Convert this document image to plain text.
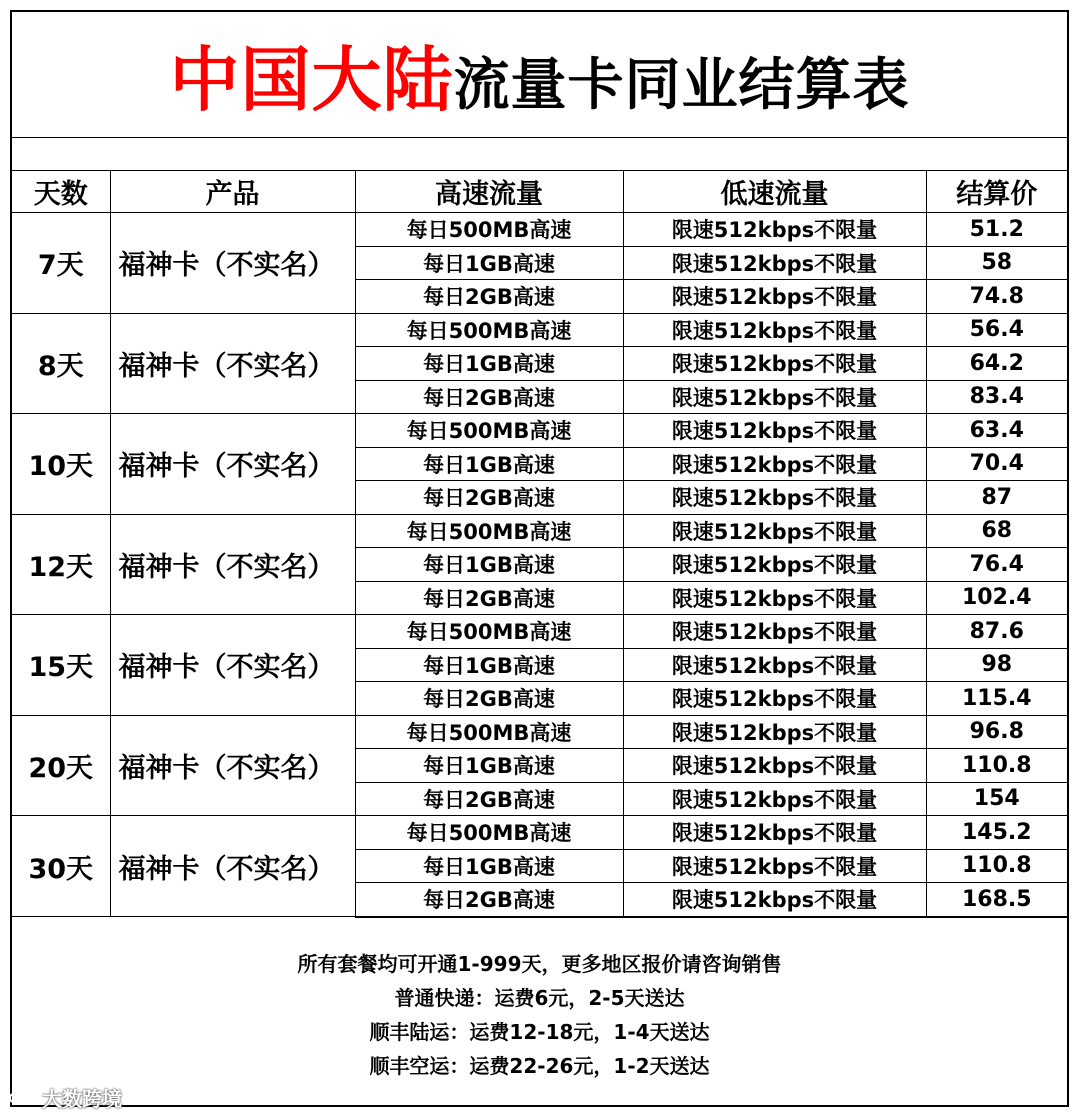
中国大陆 流量卡同业结算表
天数	产品	高速流量	低速流量	结算价
7天	福神卡（不实名）	每日500MB高速	限速512kbps不限量	51.2
		每日1GB高速	限速512kbps不限量	58
		每日2GB高速	限速512kbps不限量	74.8
8天	福神卡（不实名）	每日500MB高速	限速512kbps不限量	56.4
		每日1GB高速	限速512kbps不限量	64.2
		每日2GB高速	限速512kbps不限量	83.4
10天	福神卡（不实名）	每日500MB高速	限速512kbps不限量	63.4
		每日1GB高速	限速512kbps不限量	70.4
		每日2GB高速	限速512kbps不限量	87
12天	福神卡（不实名）	每日500MB高速	限速512kbps不限量	68
		每日1GB高速	限速512kbps不限量	76.4
		每日2GB高速	限速512kbps不限量	102.4
15天	福神卡（不实名）	每日500MB高速	限速512kbps不限量	87.6
		每日1GB高速	限速512kbps不限量	98
		每日2GB高速	限速512kbps不限量	115.4
20天	福神卡（不实名）	每日500MB高速	限速512kbps不限量	96.8
		每日1GB高速	限速512kbps不限量	110.8
		每日2GB高速	限速512kbps不限量	154
30天	福神卡（不实名）	每日500MB高速	限速512kbps不限量	145.2
		每日1GB高速	限速512kbps不限量	110.8
		每日2GB高速	限速512kbps不限量	168.5
所有套餐均可开通1-999天，更多地区报价请咨询销售
普通快递：运费6元，2-5天送达
顺丰陆运：运费12-18元，1-4天送达
顺丰空运：运费22-26元，1-2天送达
大数跨境
